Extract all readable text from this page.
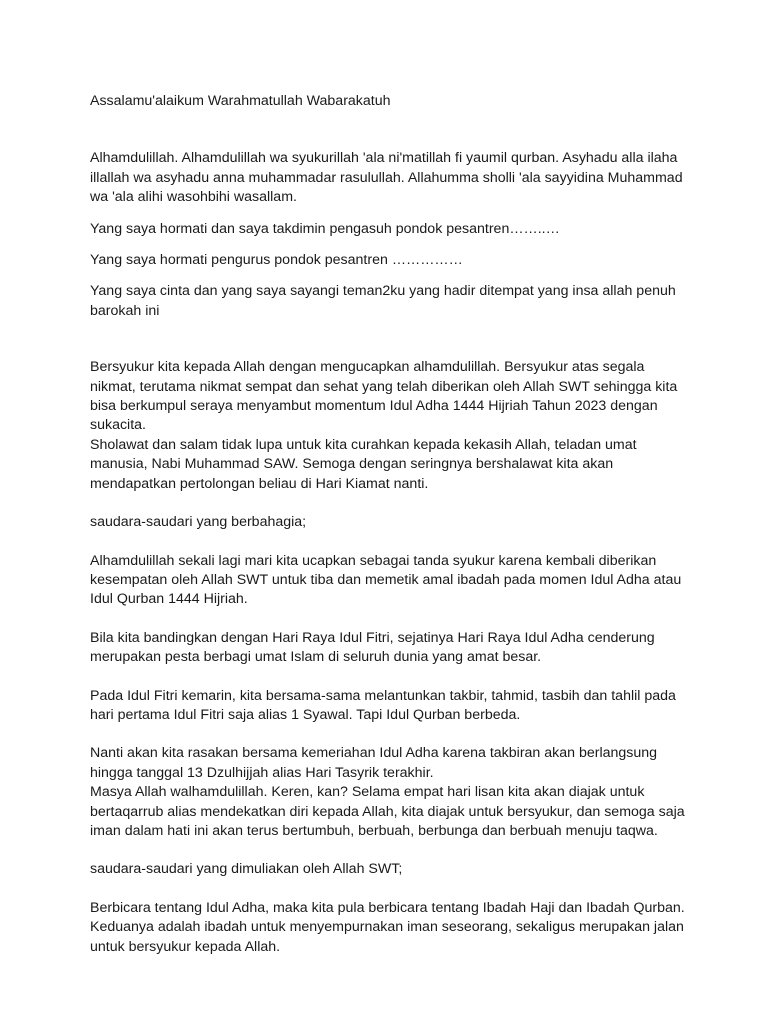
Assalamu'alaikum Warahmatullah Wabarakatuh

Alhamdulillah. Alhamdulillah wa syukurillah 'ala ni'matillah fi yaumil qurban. Asyhadu alla ilaha
illallah wa asyhadu anna muhammadar rasulullah. Allahumma sholli 'ala sayyidina Muhammad
wa 'ala alihi wasohbihi wasallam.

Yang saya hormati dan saya takdimin pengasuh pondok pesantren……..…

Yang saya hormati pengurus pondok pesantren ……………

Yang saya cinta dan yang saya sayangi teman2ku yang hadir ditempat yang insa allah penuh
barokah ini

Bersyukur kita kepada Allah dengan mengucapkan alhamdulillah. Bersyukur atas segala
nikmat, terutama nikmat sempat dan sehat yang telah diberikan oleh Allah SWT sehingga kita
bisa berkumpul seraya menyambut momentum Idul Adha 1444 Hijriah Tahun 2023 dengan
sukacita.

Sholawat dan salam tidak lupa untuk kita curahkan kepada kekasih Allah, teladan umat
manusia, Nabi Muhammad SAW. Semoga dengan seringnya bershalawat kita akan
mendapatkan pertolongan beliau di Hari Kiamat nanti.

saudara-saudari yang berbahagia;

Alhamdulillah sekali lagi mari kita ucapkan sebagai tanda syukur karena kembali diberikan
kesempatan oleh Allah SWT untuk tiba dan memetik amal ibadah pada momen Idul Adha atau
Idul Qurban 1444 Hijriah.

Bila kita bandingkan dengan Hari Raya Idul Fitri, sejatinya Hari Raya Idul Adha cenderung
merupakan pesta berbagi umat Islam di seluruh dunia yang amat besar.

Pada Idul Fitri kemarin, kita bersama-sama melantunkan takbir, tahmid, tasbih dan tahlil pada
hari pertama Idul Fitri saja alias 1 Syawal. Tapi Idul Qurban berbeda.

Nanti akan kita rasakan bersama kemeriahan Idul Adha karena takbiran akan berlangsung
hingga tanggal 13 Dzulhijjah alias Hari Tasyrik terakhir.

Masya Allah walhamdulillah. Keren, kan? Selama empat hari lisan kita akan diajak untuk
bertaqarrub alias mendekatkan diri kepada Allah, kita diajak untuk bersyukur, dan semoga saja
iman dalam hati ini akan terus bertumbuh, berbuah, berbunga dan berbuah menuju taqwa.

saudara-saudari yang dimuliakan oleh Allah SWT;

Berbicara tentang Idul Adha, maka kita pula berbicara tentang Ibadah Haji dan Ibadah Qurban.
Keduanya adalah ibadah untuk menyempurnakan iman seseorang, sekaligus merupakan jalan
untuk bersyukur kepada Allah.
